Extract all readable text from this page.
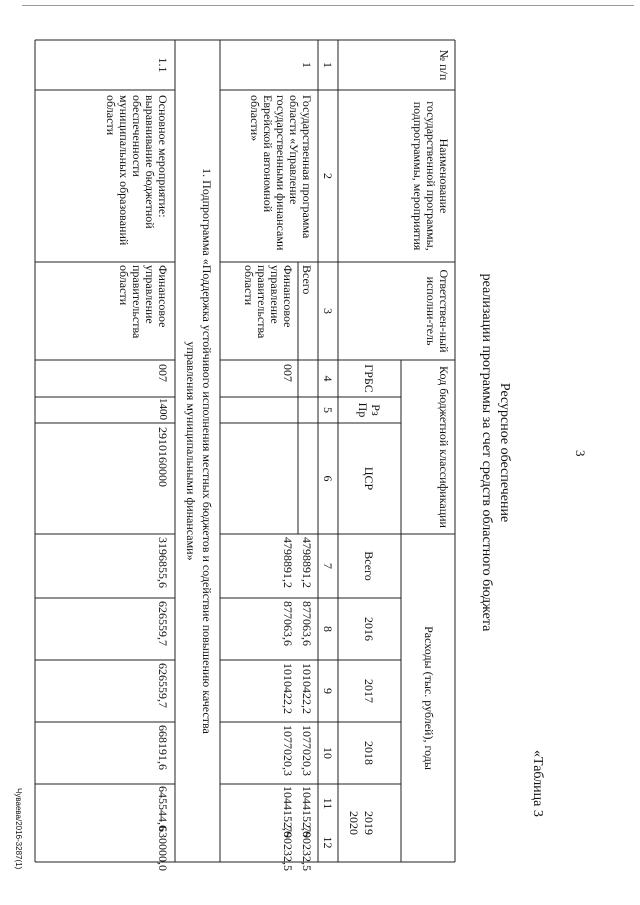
3
«Таблица 3
Ресурсное обеспечение
реализации программы за счет средств областного бюджета
№ п/п
Наименование государственной программы, подпрограммы, мероприятия
Ответствен-ный исполни-тель
Код бюджетной классификации
Расходы (тыс. рублей), годы
ГРБС
Рз Пр
ЦСР
Всего
2016
2017
2018
2019
2020
1
2
3
4
5
6
7
8
9
10
11
12
1
Государственная программа области «Управление государственными финансами Еврейской автономной области»
Всего
Финансовое управление правительства области
007
4798891,2
877063,6
1010422,2
1077020,3
1044152,6
790232,5
4798891,2
877063,6
1010422,2
1077020,3
1044152,6
790232,5
1. Подпрограмма «Поддержка устойчивого исполнения местных бюджетов и содействие повышению качества
управления муниципальными финансами»
1.1
Основное мероприятие: выравнивание бюджетной обеспеченности муниципальных образований области
Финансовое управление правительства области
007
1400
2910160000
3196855,6
626559,7
626559,7
668191,6
645544,6
630000,0
Чуваева/2016-3287(1)
